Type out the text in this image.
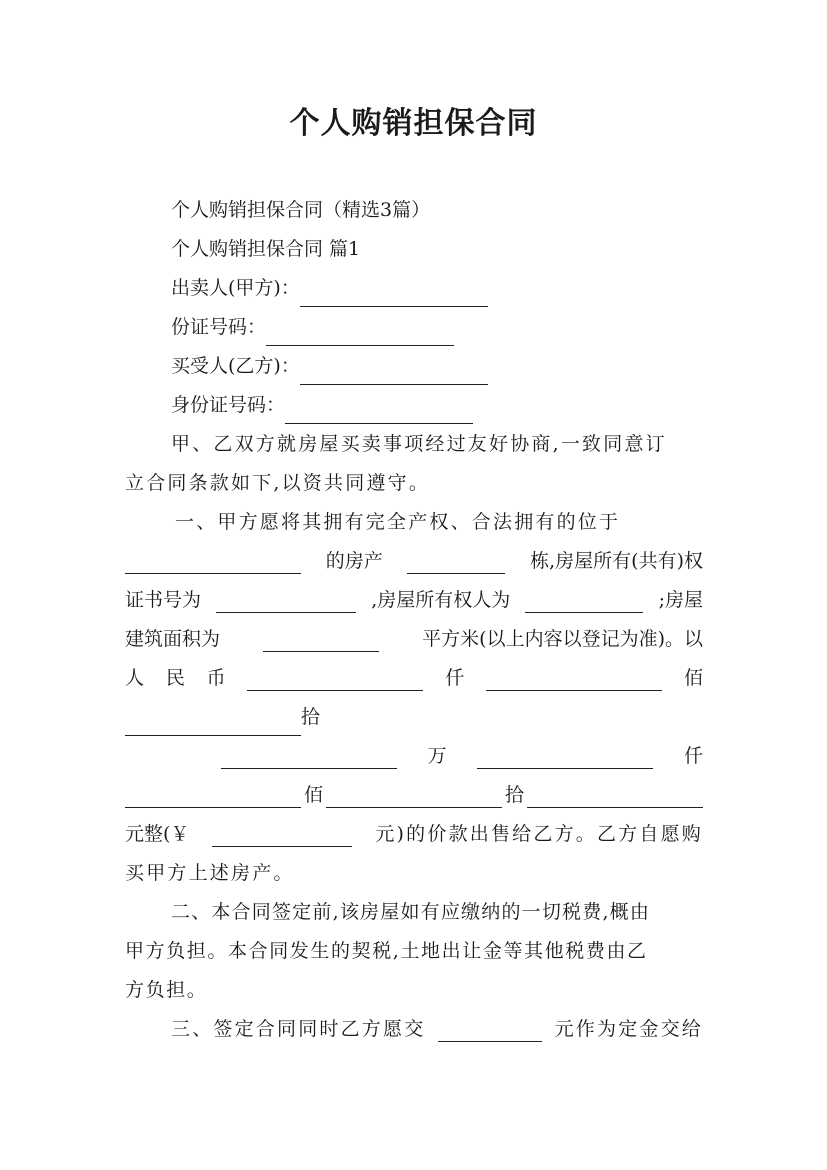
个人购销担保合同
个人购销担保合同（精选3篇）
个人购销担保合同 篇1
出卖人(甲方)：
份证号码：
买受人(乙方)：
身份证号码：
甲、乙双方就房屋买卖事项经过友好协商,一致同意订
立合同条款如下,以资共同遵守。
一、甲方愿将其拥有完全产权、合法拥有的位于
的房产	栋,房屋所有(共有)权
证书号为	,房屋所有权人为	;房屋
建筑面积为	平方米(以上内容以登记为准)。以
人 民 币	仟	佰
拾
万	仟
佰	拾
元整(￥	元)的价款出售给乙方。乙方自愿购
买甲方上述房产。
二、本合同签定前,该房屋如有应缴纳的一切税费,概由
甲方负担。本合同发生的契税,土地出让金等其他税费由乙
方负担。
三、签定合同同时乙方愿交	元作为定金交给
